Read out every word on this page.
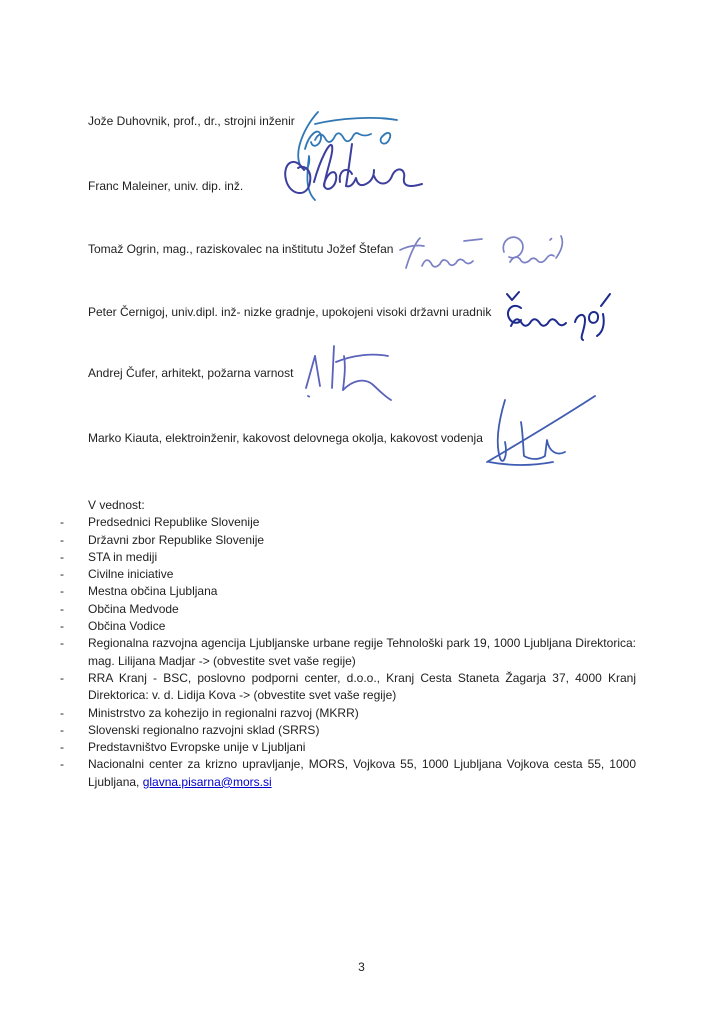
Jože Duhovnik, prof., dr., strojni inženir
Franc Maleiner, univ. dip. inž.
Tomaž Ogrin, mag., raziskovalec na inštitutu Jožef Štefan
Peter Černigoj, univ.dipl. inž- nizke gradnje, upokojeni visoki državni uradnik
Andrej Čufer, arhitekt, požarna varnost
Marko Kiauta, elektroinženir, kakovost delovnega okolja, kakovost vodenja
V vednost:
-	Predsednici Republike Slovenije
-	Državni zbor Republike Slovenije
-	STA in mediji
-	Civilne iniciative
-	Mestna občina Ljubljana
-	Občina Medvode
-	Občina Vodice
-	Regionalna razvojna agencija Ljubljanske urbane regije Tehnološki park 19, 1000 Ljubljana Direktorica:
mag. Lilijana Madjar -> (obvestite svet vaše regije)
-	RRA Kranj - BSC, poslovno podporni center, d.o.o., Kranj Cesta Staneta Žagarja 37, 4000 Kranj
Direktorica: v. d. Lidija Kova -> (obvestite svet vaše regije)
-	Ministrstvo za kohezijo in regionalni razvoj (MKRR)
-	Slovenski regionalno razvojni sklad (SRRS)
-	Predstavništvo Evropske unije v Ljubljani
-	Nacionalni center za krizno upravljanje, MORS, Vojkova 55, 1000 Ljubljana Vojkova cesta 55, 1000
Ljubljana, glavna.pisarna@mors.si
3
